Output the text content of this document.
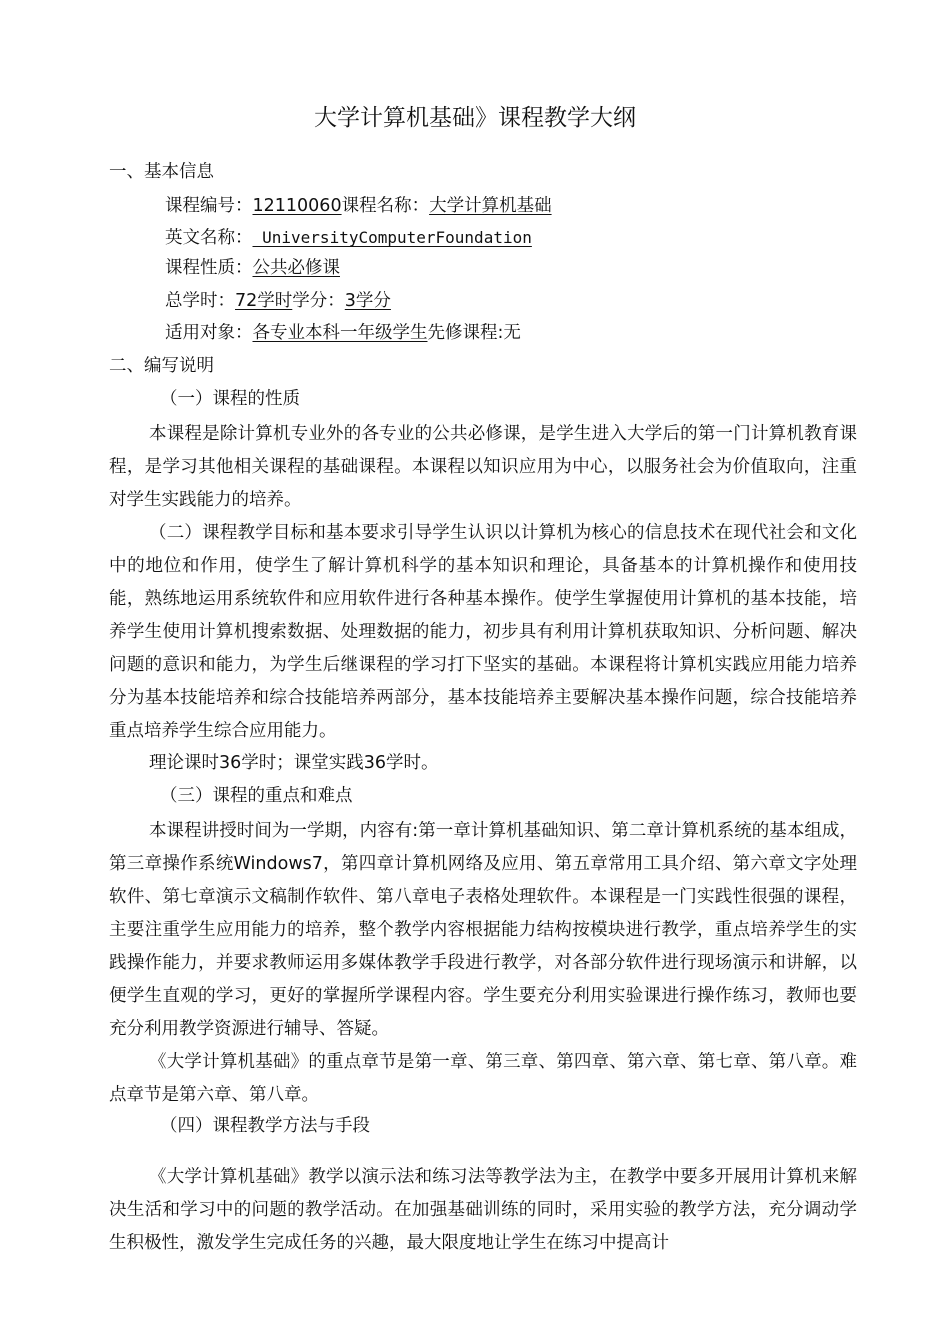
大学计算机基础》课程教学大纲
一、基本信息
课程编号：12110060课程名称：大学计算机基础
英文名称： UniversityComputerFoundation
课程性质：公共必修课
总学时：72学时学分：3学分
适用对象：各专业本科一年级学生先修课程:无
二、编写说明
（一）课程的性质
本课程是除计算机专业外的各专业的公共必修课，是学生进入大学后的第一门计算机教育课程，是学习其他相关课程的基础课程。本课程以知识应用为中心，以服务社会为价值取向，注重对学生实践能力的培养。
（二）课程教学目标和基本要求引导学生认识以计算机为核心的信息技术在现代社会和文化中的地位和作用，使学生了解计算机科学的基本知识和理论，具备基本的计算机操作和使用技能，熟练地运用系统软件和应用软件进行各种基本操作。使学生掌握使用计算机的基本技能，培养学生使用计算机搜索数据、处理数据的能力，初步具有利用计算机获取知识、分析问题、解决问题的意识和能力，为学生后继课程的学习打下坚实的基础。本课程将计算机实践应用能力培养分为基本技能培养和综合技能培养两部分，基本技能培养主要解决基本操作问题，综合技能培养重点培养学生综合应用能力。
理论课时36学时；课堂实践36学时。
（三）课程的重点和难点
本课程讲授时间为一学期，内容有:第一章计算机基础知识、第二章计算机系统的基本组成，第三章操作系统Windows7，第四章计算机网络及应用、第五章常用工具介绍、第六章文字处理软件、第七章演示文稿制作软件、第八章电子表格处理软件。本课程是一门实践性很强的课程，主要注重学生应用能力的培养，整个教学内容根据能力结构按模块进行教学，重点培养学生的实践操作能力，并要求教师运用多媒体教学手段进行教学，对各部分软件进行现场演示和讲解，以便学生直观的学习，更好的掌握所学课程内容。学生要充分利用实验课进行操作练习，教师也要充分利用教学资源进行辅导、答疑。
《大学计算机基础》的重点章节是第一章、第三章、第四章、第六章、第七章、第八章。难点章节是第六章、第八章。
（四）课程教学方法与手段
《大学计算机基础》教学以演示法和练习法等教学法为主，在教学中要多开展用计算机来解决生活和学习中的问题的教学活动。在加强基础训练的同时，采用实验的教学方法，充分调动学生积极性，激发学生完成任务的兴趣，最大限度地让学生在练习中提高计
